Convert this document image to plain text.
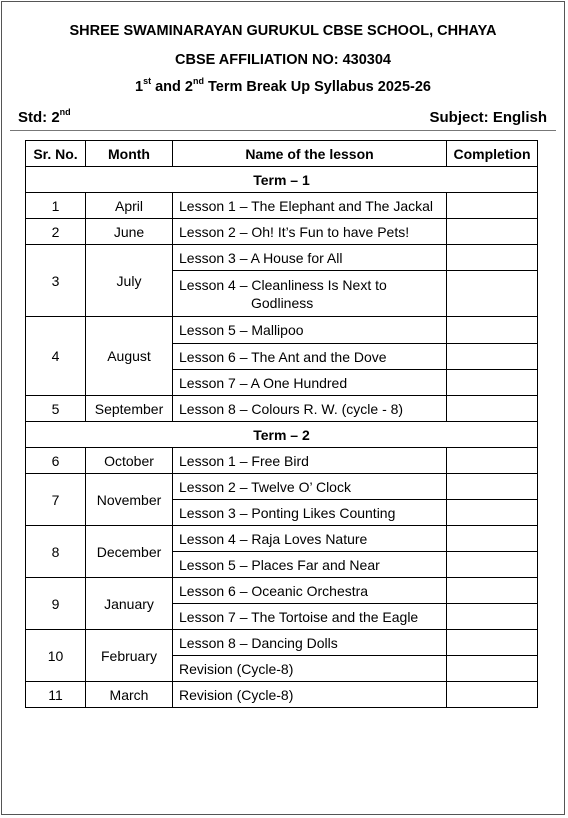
SHREE SWAMINARAYAN GURUKUL CBSE SCHOOL, CHHAYA
CBSE AFFILIATION NO: 430304
1st and 2nd Term Break Up Syllabus 2025-26
Std: 2nd	Subject: English
Sr. No.	Month	Name of the lesson	Completion
Term – 1			
1	April	Lesson 1 – The Elephant and The Jackal	
2	June	Lesson 2 – Oh! It’s Fun to have Pets!	
3	July	Lesson 3 – A House for All	
		Lesson 4 – Cleanliness Is Next to
Godliness	

4	August	Lesson 5 – Mallipoo	
		Lesson 6 – The Ant and the Dove	
		Lesson 7 – A One Hundred	
5	September	Lesson 8 – Colours R. W. (cycle - 8)	
Term – 2			
6	October	Lesson 1 – Free Bird	
7	November	Lesson 2 – Twelve O’ Clock	
		Lesson 3 – Ponting Likes Counting	
8	December	Lesson 4 – Raja Loves Nature	
		Lesson 5 – Places Far and Near	
9	January	Lesson 6 – Oceanic Orchestra	
		Lesson 7 – The Tortoise and the Eagle	
10	February	Lesson 8 – Dancing Dolls	
		Revision (Cycle-8)	
11	March	Revision (Cycle-8)	
